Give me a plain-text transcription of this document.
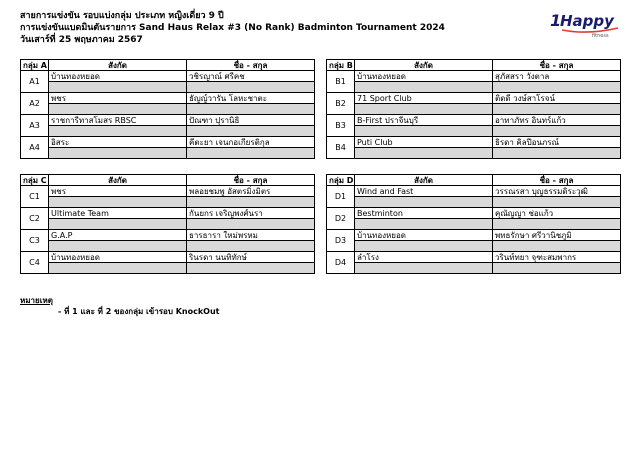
สายการแข่งขัน รอบแบ่งกลุ่ม ประเภท หญิงเดี่ยว 9 ปี
การแข่งขันแบดมินตันรายการ Sand Haus Relax #3 (No Rank) Badminton Tournament 2024
วันเสาร์ที่ 25 พฤษภาคม 2567
1
Happy
fitness
กลุ่ม A	สังกัด	ชื่อ - สกุล
A1	บ้านทองหยอด	วชิรญาณ์ ศรีคช

A2	พชร	ธัญญ์วารัน โลหะชาตะ

A3	ราชการีทาสโมสร RBSC	ปัณฑา ปุรานิธิ

A4	อิสระ	คีตะยา เจนกอเกียรติกุล

กลุ่ม B	สังกัด	ชื่อ - สกุล
B1	บ้านทองหยอด	สุภัสสรา วังตาล

B2	71 Sport Club	ติดดี วงษ์สาโรจน์

B3	B-First ปราจีนบุรี	อาทาภัทร อินทร์แก้ว

B4	Puti Club	ธิรดา คิลปีอนภรณ์

กลุ่ม C	สังกัด	ชื่อ - สกุล
C1	พชร	พลอยชมพู อัสตรมิ่งมิตร

C2	Ultimate Team	กันยกร เจริญพงศ์นรา

C3	G.A.P	ธารธารา ใหม่พรหม

C4	บ้านทองหยอด	รินรดา นนทิทักษ์

กลุ่ม D	สังกัด	ชื่อ - สกุล
D1	Wind and Fast	วรรณรสา บุญธรรมดิระวุฒิ

D2	Bestminton	คุณัญญา ช่อแก้ว

D3	บ้านทองหยอด	พทธรักษา ศรีวานิชภูมิ

D4	ลำโรง	วรินท์ทยา จุฑะสมพากร

หมายเหตุ
- ที่ 1 และ ที่ 2 ของกลุ่ม เข้ารอบ KnockOut
